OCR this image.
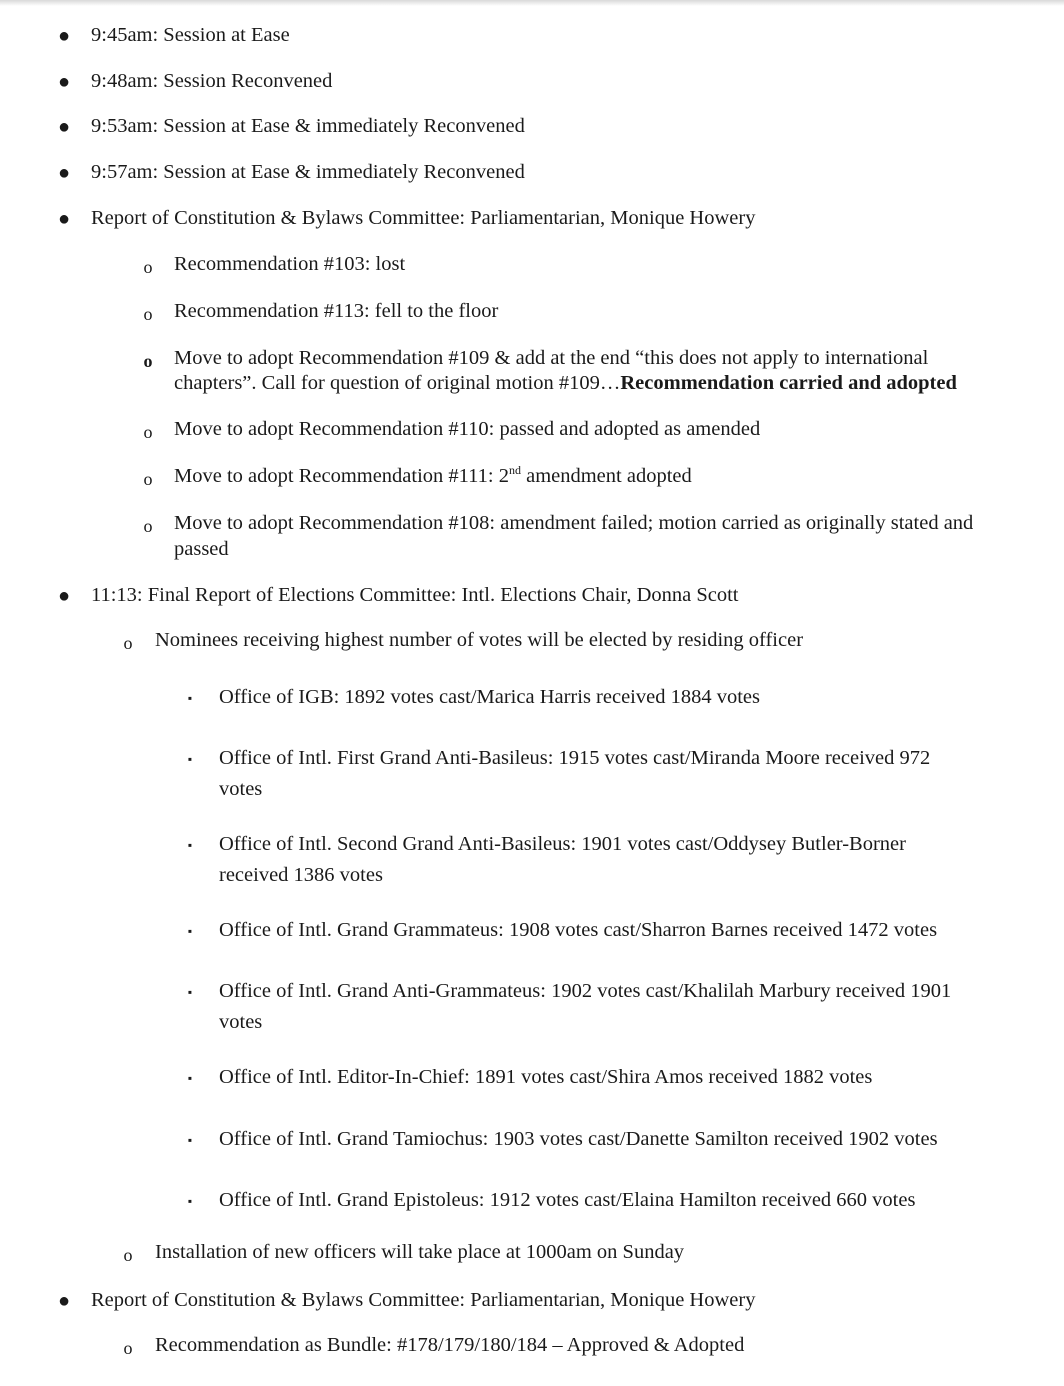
● 9:45am: Session at Ease
● 9:48am: Session Reconvened
● 9:53am: Session at Ease & immediately Reconvened
● 9:57am: Session at Ease & immediately Reconvened
● Report of Constitution & Bylaws Committee: Parliamentarian, Monique Howery
o Recommendation #103: lost
o Recommendation #113: fell to the floor
o Move to adopt Recommendation #109 & add at the end “this does not apply to international
chapters”. Call for question of original motion #109…Recommendation carried and adopted
o Move to adopt Recommendation #110: passed and adopted as amended
o Move to adopt Recommendation #111: 2nd amendment adopted
o Move to adopt Recommendation #108: amendment failed; motion carried as originally stated and
passed
● 11:13: Final Report of Elections Committee: Intl. Elections Chair, Donna Scott
o Nominees receiving highest number of votes will be elected by residing officer
▪ Office of IGB: 1892 votes cast/Marica Harris received 1884 votes
▪ Office of Intl. First Grand Anti-Basileus: 1915 votes cast/Miranda Moore received 972
votes
▪ Office of Intl. Second Grand Anti-Basileus: 1901 votes cast/Oddysey Butler-Borner
received 1386 votes
▪ Office of Intl. Grand Grammateus: 1908 votes cast/Sharron Barnes received 1472 votes
▪ Office of Intl. Grand Anti-Grammateus: 1902 votes cast/Khalilah Marbury received 1901
votes
▪ Office of Intl. Editor-In-Chief: 1891 votes cast/Shira Amos received 1882 votes
▪ Office of Intl. Grand Tamiochus: 1903 votes cast/Danette Samilton received 1902 votes
▪ Office of Intl. Grand Epistoleus: 1912 votes cast/Elaina Hamilton received 660 votes
o Installation of new officers will take place at 1000am on Sunday
● Report of Constitution & Bylaws Committee: Parliamentarian, Monique Howery
o Recommendation as Bundle: #178/179/180/184 – Approved & Adopted
